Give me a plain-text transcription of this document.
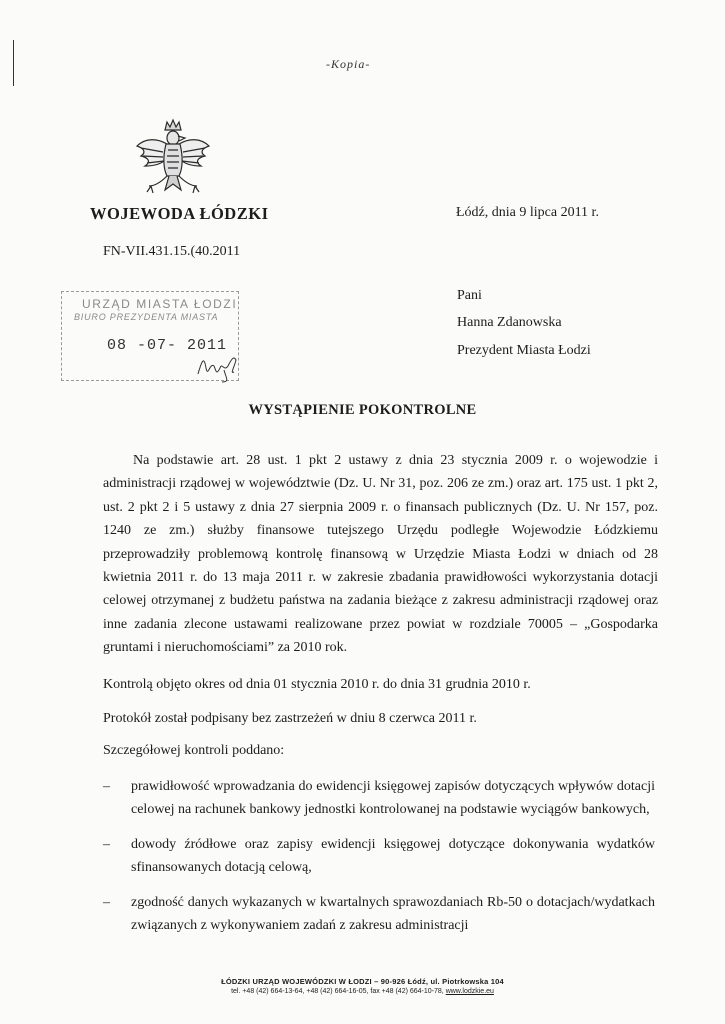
-Kopia-
WOJEWODA ŁÓDZKI	Łódź, dnia 9 lipca 2011 r.
FN-VII.431.15.(40.2011
URZĄD MIASTA ŁODZI
BIURO PREZYDENTA MIASTA
08 -07- 2011
Pani
Hanna Zdanowska
Prezydent Miasta Łodzi
WYSTĄPIENIE POKONTROLNE

Na podstawie art. 28 ust. 1 pkt 2 ustawy z dnia 23 stycznia 2009 r. o wojewodzie i administracji rządowej w województwie (Dz. U. Nr 31, poz. 206 ze zm.) oraz art. 175 ust. 1 pkt 2, ust. 2 pkt 2 i 5 ustawy z dnia 27 sierpnia 2009 r. o finansach publicznych (Dz. U. Nr 157, poz. 1240 ze zm.) służby finansowe tutejszego Urzędu podległe Wojewodzie Łódzkiemu przeprowadziły problemową kontrolę finansową w Urzędzie Miasta Łodzi w dniach od 28 kwietnia 2011 r. do 13 maja 2011 r. w zakresie zbadania prawidłowości wykorzystania dotacji celowej otrzymanej z budżetu państwa na zadania bieżące z zakresu administracji rządowej oraz inne zadania zlecone ustawami realizowane przez powiat w rozdziale 70005 – „Gospodarka gruntami i nieruchomościami” za 2010 rok.

Kontrolą objęto okres od dnia 01 stycznia 2010 r. do dnia 31 grudnia 2010 r.
Protokół został podpisany bez zastrzeżeń w dniu 8 czerwca 2011 r.
Szczegółowej kontroli poddano:
– prawidłowość wprowadzania do ewidencji księgowej zapisów dotyczących wpływów dotacji celowej na rachunek bankowy jednostki kontrolowanej na podstawie wyciągów bankowych,
– dowody źródłowe oraz zapisy ewidencji księgowej dotyczące dokonywania wydatków sfinansowanych dotacją celową,
– zgodność danych wykazanych w kwartalnych sprawozdaniach Rb-50 o dotacjach/wydatkach związanych z wykonywaniem zadań z zakresu administracji
ŁÓDZKI URZĄD WOJEWÓDZKI W ŁODZI – 90-926 Łódź, ul. Piotrkowska 104
tel. +48 (42) 664-13-64, +48 (42) 664-16-05, fax +48 (42) 664-10-78, www.lodzkie.eu
